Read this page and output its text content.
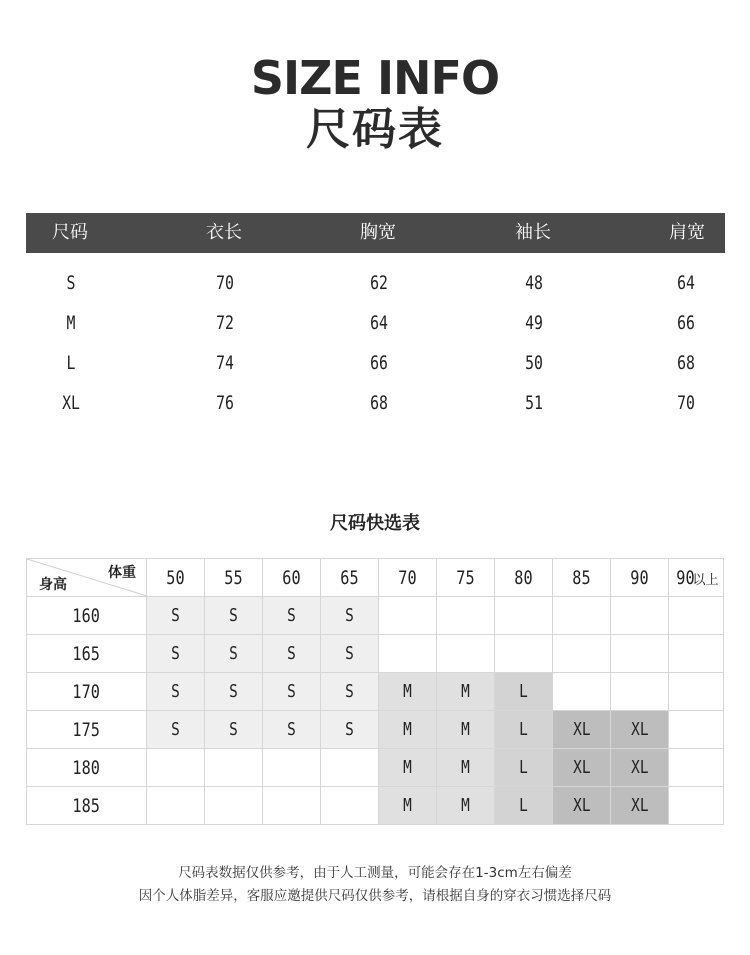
SIZE INFO
尺码表
尺码	衣长	胸宽	袖长	肩宽
S	70	62	48	64
M	72	64	49	66
L	74	66	50	68
XL	76	68	51	70
尺码快选表
体重
身高	50	55	60	65	70	75	80	85	90	90以上
160	S	S	S	S						
165	S	S	S	S						
170	S	S	S	S	M	M	L			
175	S	S	S	S	M	M	L	XL	XL	
180					M	M	L	XL	XL	
185					M	M	L	XL	XL	
尺码表数据仅供参考，由于人工测量，可能会存在1-3cm左右偏差
因个人体脂差异，客服应邀提供尺码仅供参考，请根据自身的穿衣习惯选择尺码
